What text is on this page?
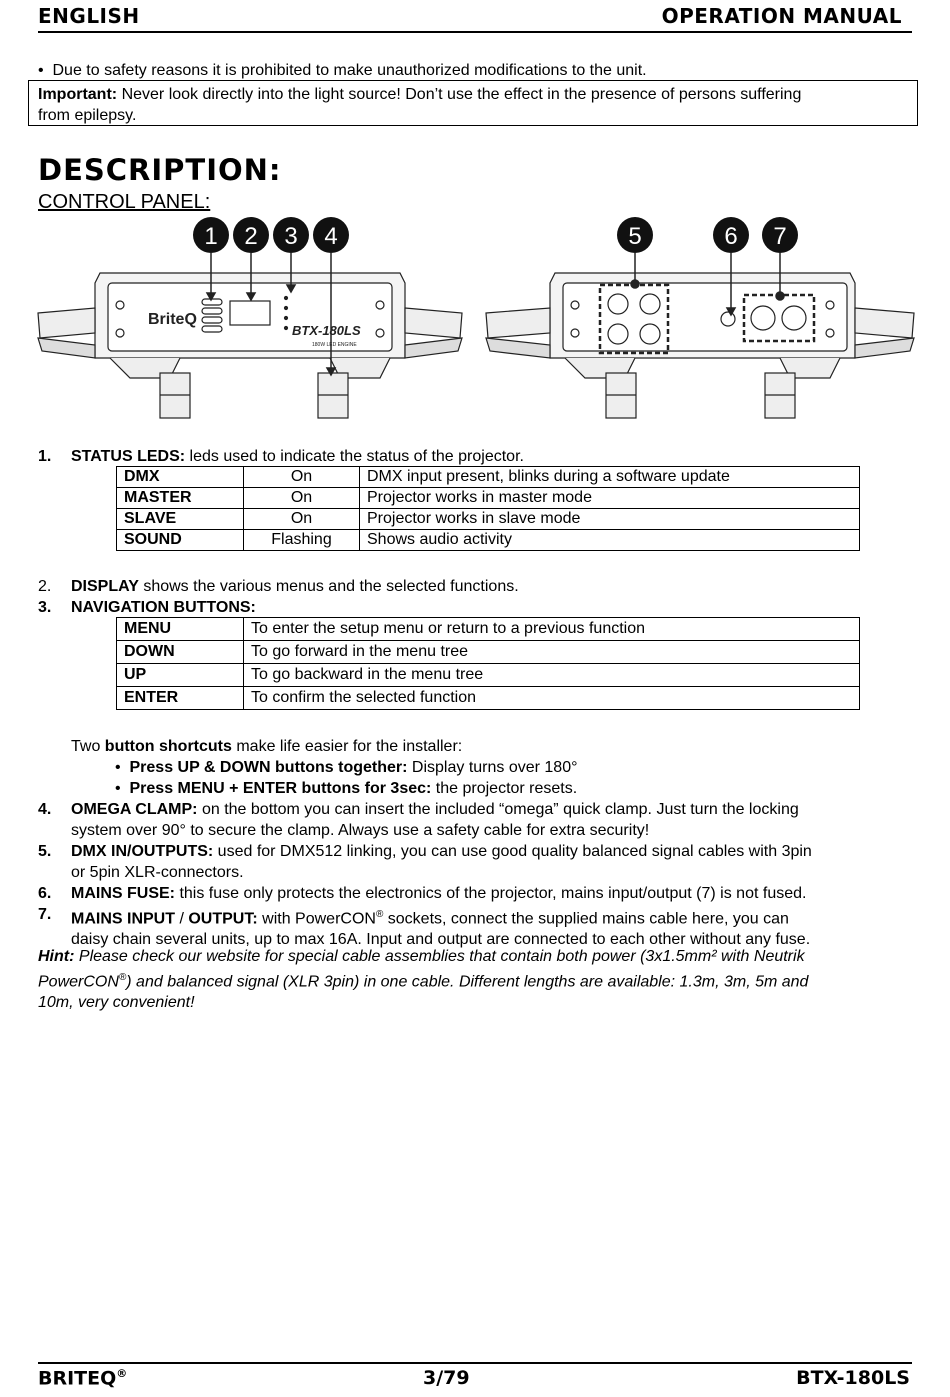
ENGLISH	OPERATION MANUAL
• Due to safety reasons it is prohibited to make unauthorized modifications to the unit.
Important: Never look directly into the light source! Don’t use the effect in the presence of persons suffering
from epilepsy.
DESCRIPTION:
CONTROL PANEL:
1 2 3 4	5	6 7
BriteQ
BTX-180LS
180W LED ENGINE
1. STATUS LEDS: leds used to indicate the status of the projector.
DMX	On	DMX input present, blinks during a software update
MASTER	On	Projector works in master mode
SLAVE	On	Projector works in slave mode
SOUND	Flashing	Shows audio activity
2. DISPLAY shows the various menus and the selected functions.
3. NAVIGATION BUTTONS:
MENU	To enter the setup menu or return to a previous function
DOWN	To go forward in the menu tree
UP	To go backward in the menu tree
ENTER	To confirm the selected function
Two button shortcuts make life easier for the installer:
• Press UP & DOWN buttons together: Display turns over 180°
• Press MENU + ENTER buttons for 3sec: the projector resets.
4. OMEGA CLAMP: on the bottom you can insert the included “omega” quick clamp. Just turn the locking
system over 90° to secure the clamp. Always use a safety cable for extra security!
5. DMX IN/OUTPUTS: used for DMX512 linking, you can use good quality balanced signal cables with 3pin
or 5pin XLR-connectors.
6. MAINS FUSE: this fuse only protects the electronics of the projector, mains input/output (7) is not fused.
7. MAINS INPUT / OUTPUT: with PowerCON® sockets, connect the supplied mains cable here, you can
daisy chain several units, up to max 16A. Input and output are connected to each other without any fuse.
Hint: Please check our website for special cable assemblies that contain both power (3x1.5mm² with Neutrik
PowerCON®) and balanced signal (XLR 3pin) in one cable. Different lengths are available: 1.3m, 3m, 5m and
10m, very convenient!
BRITEQ®	3/79	BTX-180LS
